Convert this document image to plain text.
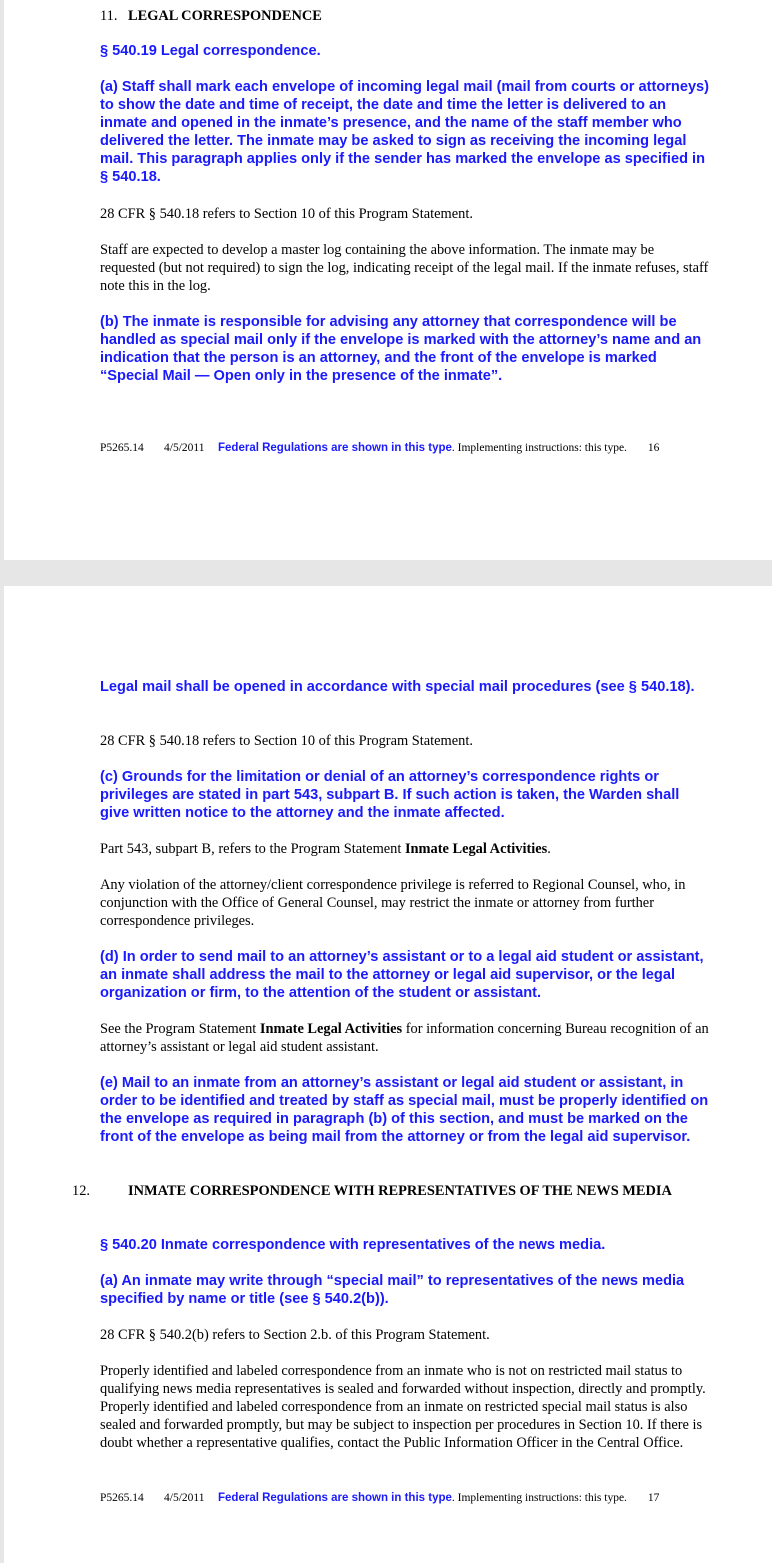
11. LEGAL CORRESPONDENCE

§ 540.19 Legal correspondence.

(a) Staff shall mark each envelope of incoming legal mail (mail from courts or attorneys) to show the date and time of receipt, the date and time the letter is delivered to an inmate and opened in the inmate’s presence, and the name of the staff member who delivered the letter. The inmate may be asked to sign as receiving the incoming legal mail. This paragraph applies only if the sender has marked the envelope as specified in § 540.18.

28 CFR § 540.18 refers to Section 10 of this Program Statement.

Staff are expected to develop a master log containing the above information. The inmate may be requested (but not required) to sign the log, indicating receipt of the legal mail. If the inmate refuses, staff note this in the log.

(b) The inmate is responsible for advising any attorney that correspondence will be handled as special mail only if the envelope is marked with the attorney’s name and an indication that the person is an attorney, and the front of the envelope is marked “Special Mail — Open only in the presence of the inmate”.

P5265.14 4/5/2011 Federal Regulations are shown in this type. Implementing instructions: this type. 16

Legal mail shall be opened in accordance with special mail procedures (see § 540.18).

28 CFR § 540.18 refers to Section 10 of this Program Statement.

(c) Grounds for the limitation or denial of an attorney’s correspondence rights or privileges are stated in part 543, subpart B. If such action is taken, the Warden shall give written notice to the attorney and the inmate affected.

Part 543, subpart B, refers to the Program Statement Inmate Legal Activities.

Any violation of the attorney/client correspondence privilege is referred to Regional Counsel, who, in conjunction with the Office of General Counsel, may restrict the inmate or attorney from further correspondence privileges.

(d) In order to send mail to an attorney’s assistant or to a legal aid student or assistant, an inmate shall address the mail to the attorney or legal aid supervisor, or the legal organization or firm, to the attention of the student or assistant.

See the Program Statement Inmate Legal Activities for information concerning Bureau recognition of an attorney’s assistant or legal aid student assistant.

(e) Mail to an inmate from an attorney’s assistant or legal aid student or assistant, in order to be identified and treated by staff as special mail, must be properly identified on the envelope as required in paragraph (b) of this section, and must be marked on the front of the envelope as being mail from the attorney or from the legal aid supervisor.

12.	INMATE CORRESPONDENCE WITH REPRESENTATIVES OF THE NEWS MEDIA

§ 540.20 Inmate correspondence with representatives of the news media.

(a) An inmate may write through “special mail” to representatives of the news media specified by name or title (see § 540.2(b)).

28 CFR § 540.2(b) refers to Section 2.b. of this Program Statement.

Properly identified and labeled correspondence from an inmate who is not on restricted mail status to qualifying news media representatives is sealed and forwarded without inspection, directly and promptly. Properly identified and labeled correspondence from an inmate on restricted special mail status is also sealed and forwarded promptly, but may be subject to inspection per procedures in Section 10. If there is doubt whether a representative qualifies, contact the Public Information Officer in the Central Office.

P5265.14 4/5/2011 Federal Regulations are shown in this type. Implementing instructions: this type. 17
